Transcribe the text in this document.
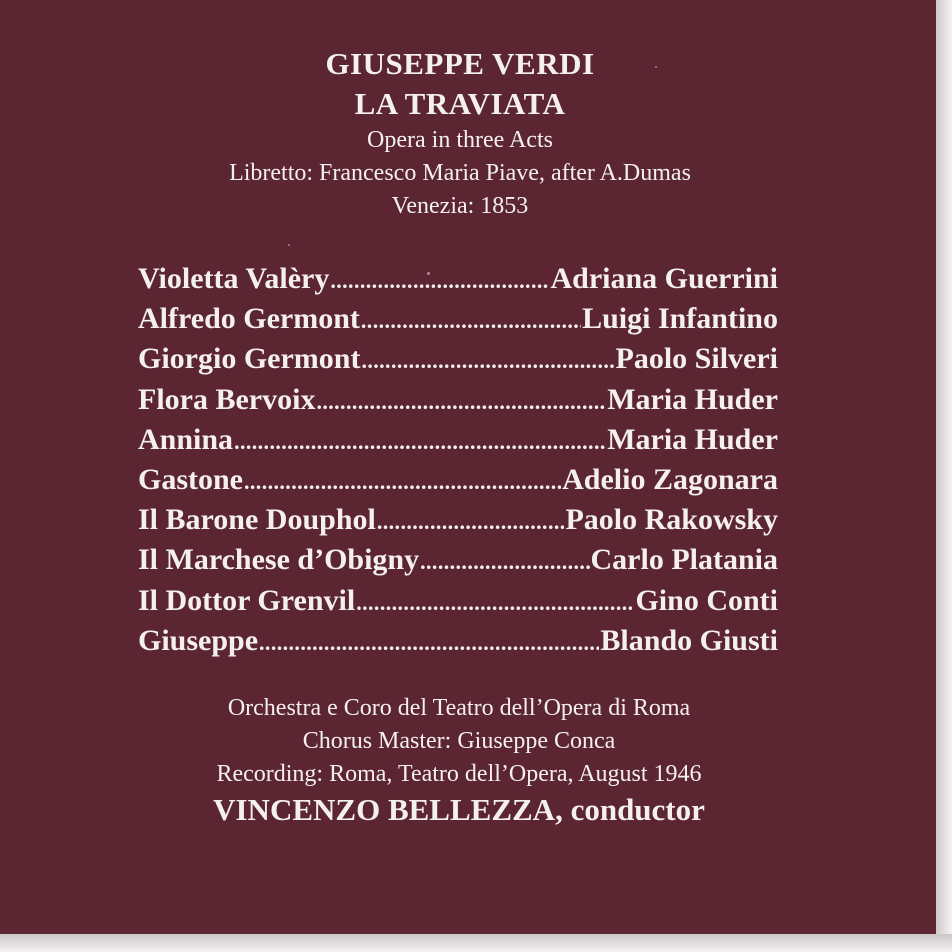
GIUSEPPE VERDI
LA TRAVIATA
Opera in three Acts
Libretto: Francesco Maria Piave, after A.Dumas
Venezia: 1853
Violetta Valèry .....	Adriana Guerrini
Alfredo Germont .....	Luigi Infantino
Giorgio Germont .....	Paolo Silveri
Flora Bervoix .....	Maria Huder
Annina .....	Maria Huder
Gastone .....	Adelio Zagonara
Il Barone Douphol .....	Paolo Rakowsky
Il Marchese d’Obigny .....	Carlo Platania
Il Dottor Grenvil .....	Gino Conti
Giuseppe .....	Blando Giusti
Orchestra e Coro del Teatro dell’Opera di Roma
Chorus Master: Giuseppe Conca
Recording: Roma, Teatro dell’Opera, August 1946
VINCENZO BELLEZZA, conductor
